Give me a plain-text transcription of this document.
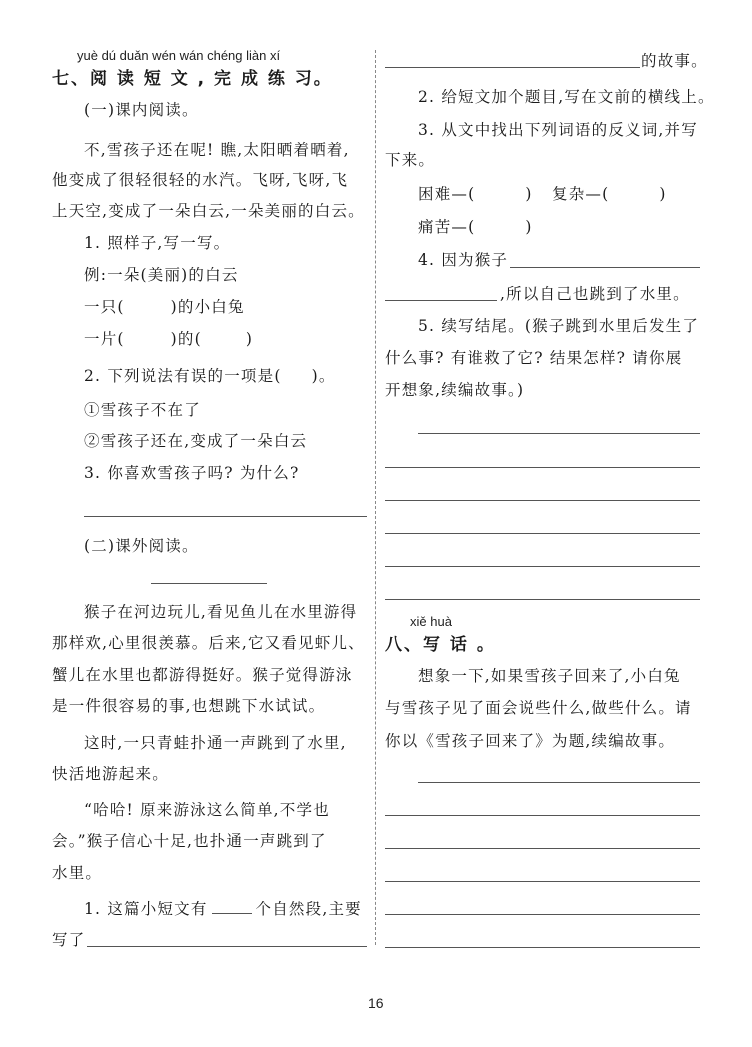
yuè dú duǎn wén wán chéng liàn xí
七、阅 读 短 文 , 完 成 练 习。
(一)课内阅读。
不,雪孩子还在呢! 瞧,太阳晒着晒着,
他变成了很轻很轻的水汽。飞呀,飞呀,飞
上天空,变成了一朵白云,一朵美丽的白云。
1. 照样子,写一写。
例:一朵(美丽)的白云
一只(	)的小白兔
一片(	)的(	)
2. 下列说法有误的一项是( )。
①雪孩子不在了
②雪孩子还在,变成了一朵白云
3. 你喜欢雪孩子吗? 为什么?
(二)课外阅读。
猴子在河边玩儿,看见鱼儿在水里游得
那样欢,心里很羡慕。后来,它又看见虾儿、
蟹儿在水里也都游得挺好。猴子觉得游泳
是一件很容易的事,也想跳下水试试。
这时,一只青蛙扑通一声跳到了水里,
快活地游起来。
“哈哈! 原来游泳这么简单,不学也
会。”猴子信心十足,也扑通一声跳到了
水里。
1. 这篇小短文有	个自然段,主要
写了
的故事。
2. 给短文加个题目,写在文前的横线上。
3. 从文中找出下列词语的反义词,并写
下来。
困难—(	) 复杂—(	)
痛苦—(	)
4. 因为猴子
,所以自己也跳到了水里。
5. 续写结尾。(猴子跳到水里后发生了
什么事? 有谁救了它? 结果怎样? 请你展
开想象,续编故事。)
xiě huà
八、写 话 。
想象一下,如果雪孩子回来了,小白兔
与雪孩子见了面会说些什么,做些什么。请
你以《雪孩子回来了》为题,续编故事。
16
